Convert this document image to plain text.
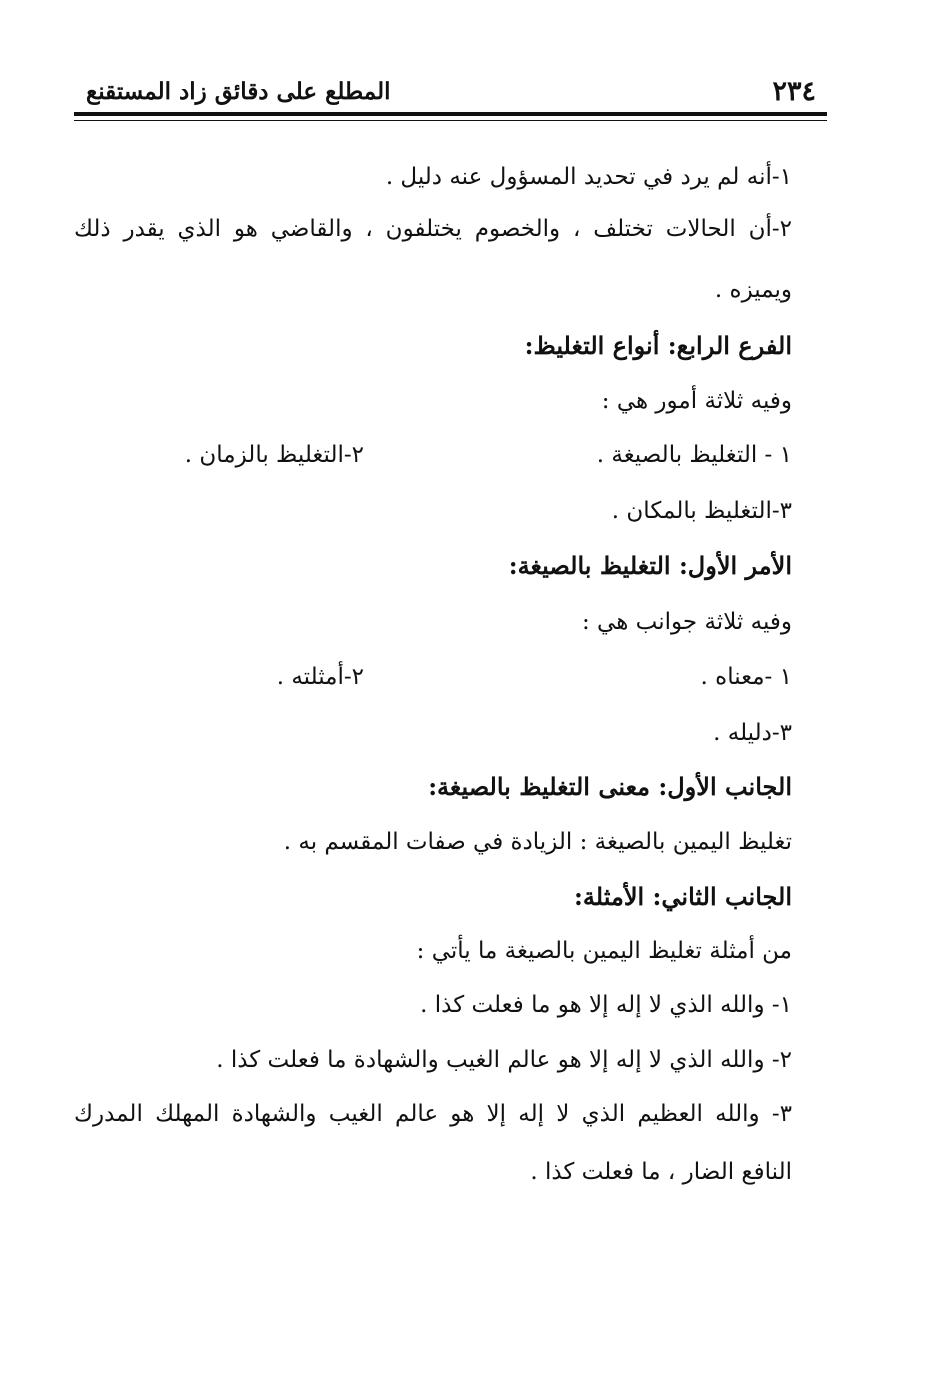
٢٣٤
المطلع على دقائق زاد المستقنع
١-أنه لم يرد في تحديد المسؤول عنه دليل .
٢-أن الحالات تختلف ، والخصوم يختلفون ، والقاضي هو الذي يقدر ذلك
ويميزه .
الفرع الرابع: أنواع التغليظ:
وفيه ثلاثة أمور هي :
١ - التغليظ بالصيغة .
٢-التغليظ بالزمان .
٣-التغليظ بالمكان .
الأمر الأول: التغليظ بالصيغة:
وفيه ثلاثة جوانب هي :
١ -معناه .
٢-أمثلته .
٣-دليله .
الجانب الأول: معنى التغليظ بالصيغة:
تغليظ اليمين بالصيغة : الزيادة في صفات المقسم به .
الجانب الثاني: الأمثلة:
من أمثلة تغليظ اليمين بالصيغة ما يأتي :
١- والله الذي لا إله إلا هو ما فعلت كذا .
٢- والله الذي لا إله إلا هو عالم الغيب والشهادة ما فعلت كذا .
٣- والله العظيم الذي لا إله إلا هو عالم الغيب والشهادة المهلك المدرك
النافع الضار ، ما فعلت كذا .
